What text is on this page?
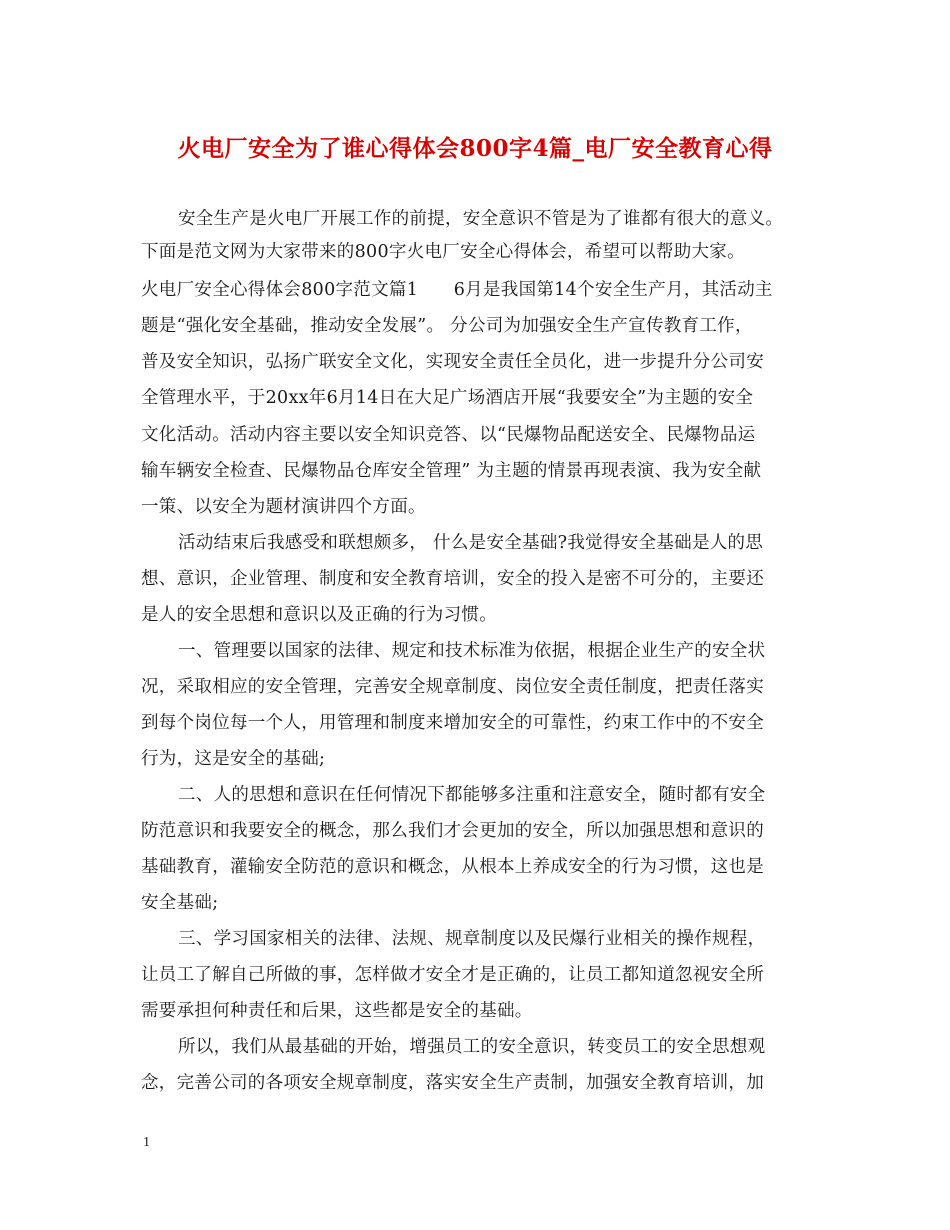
火电厂安全为了谁心得体会800字4篇_电厂安全教育心得
安全生产是火电厂开展工作的前提，安全意识不管是为了谁都有很大的意义。
下面是范文网为大家带来的800字火电厂安全心得体会，希望可以帮助大家。
火电厂安全心得体会800字范文篇1　　6月是我国第14个安全生产月，其活动主
题是“强化安全基础，推动安全发展”。 分公司为加强安全生产宣传教育工作，
普及安全知识，弘扬广联安全文化，实现安全责任全员化，进一步提升分公司安
全管理水平，于20xx年6月14日在大足广场酒店开展“我要安全”为主题的安全
文化活动。活动内容主要以安全知识竞答、以“民爆物品配送安全、民爆物品运
输车辆安全检查、民爆物品仓库安全管理” 为主题的情景再现表演、我为安全献
一策、以安全为题材演讲四个方面。
活动结束后我感受和联想颇多， 什么是安全基础?我觉得安全基础是人的思
想、意识，企业管理、制度和安全教育培训，安全的投入是密不可分的，主要还
是人的安全思想和意识以及正确的行为习惯。
一、管理要以国家的法律、规定和技术标准为依据，根据企业生产的安全状
况，采取相应的安全管理，完善安全规章制度、岗位安全责任制度，把责任落实
到每个岗位每一个人，用管理和制度来增加安全的可靠性，约束工作中的不安全
行为，这是安全的基础;
二、人的思想和意识在任何情况下都能够多注重和注意安全，随时都有安全
防范意识和我要安全的概念，那么我们才会更加的安全，所以加强思想和意识的
基础教育，灌输安全防范的意识和概念，从根本上养成安全的行为习惯，这也是
安全基础;
三、学习国家相关的法律、法规、规章制度以及民爆行业相关的操作规程，
让员工了解自己所做的事，怎样做才安全才是正确的，让员工都知道忽视安全所
需要承担何种责任和后果，这些都是安全的基础。
所以，我们从最基础的开始，增强员工的安全意识，转变员工的安全思想观
念，完善公司的各项安全规章制度，落实安全生产责制，加强安全教育培训，加
1
